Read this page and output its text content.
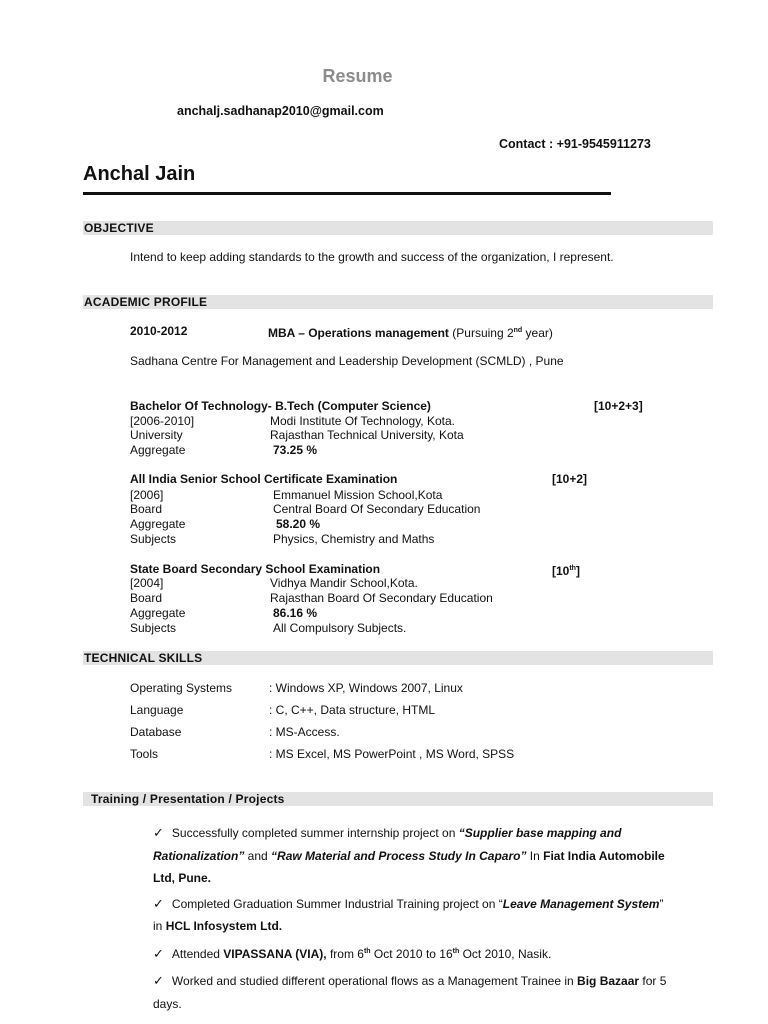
Resume
anchalj.sadhanap2010@gmail.com
Contact : +91-9545911273
Anchal Jain
OBJECTIVE
Intend to keep adding standards to the growth and success of the organization, I represent.
ACADEMIC PROFILE
2010-2012	MBA – Operations management (Pursuing 2nd year)
Sadhana Centre For Management and Leadership Development (SCMLD) , Pune
Bachelor Of Technology- B.Tech (Computer Science)	[10+2+3]
[2006-2010]	Modi Institute Of Technology, Kota.
University	Rajasthan Technical University, Kota
Aggregate	73.25 %
All India Senior School Certificate Examination	[10+2]
[2006]	Emmanuel Mission School,Kota
Board	Central Board Of Secondary Education
Aggregate	58.20 %
Subjects	Physics, Chemistry and Maths
State Board Secondary School Examination	[10th]
[2004]	Vidhya Mandir School,Kota.
Board	Rajasthan Board Of Secondary Education
Aggregate	86.16 %
Subjects	All Compulsory Subjects.
TECHNICAL SKILLS
Operating Systems	: Windows XP, Windows 2007, Linux
Language	: C, C++, Data structure, HTML
Database	: MS-Access.
Tools	: MS Excel, MS PowerPoint , MS Word, SPSS
Training / Presentation / Projects
✓ Successfully completed summer internship project on “Supplier base mapping and
Rationalization” and “Raw Material and Process Study In Caparo” In Fiat India Automobile
Ltd, Pune.
✓ Completed Graduation Summer Industrial Training project on “Leave Management System”
in HCL Infosystem Ltd.
✓ Attended VIPASSANA (VIA), from 6th Oct 2010 to 16th Oct 2010, Nasik.
✓ Worked and studied different operational flows as a Management Trainee in Big Bazaar for 5
days.
